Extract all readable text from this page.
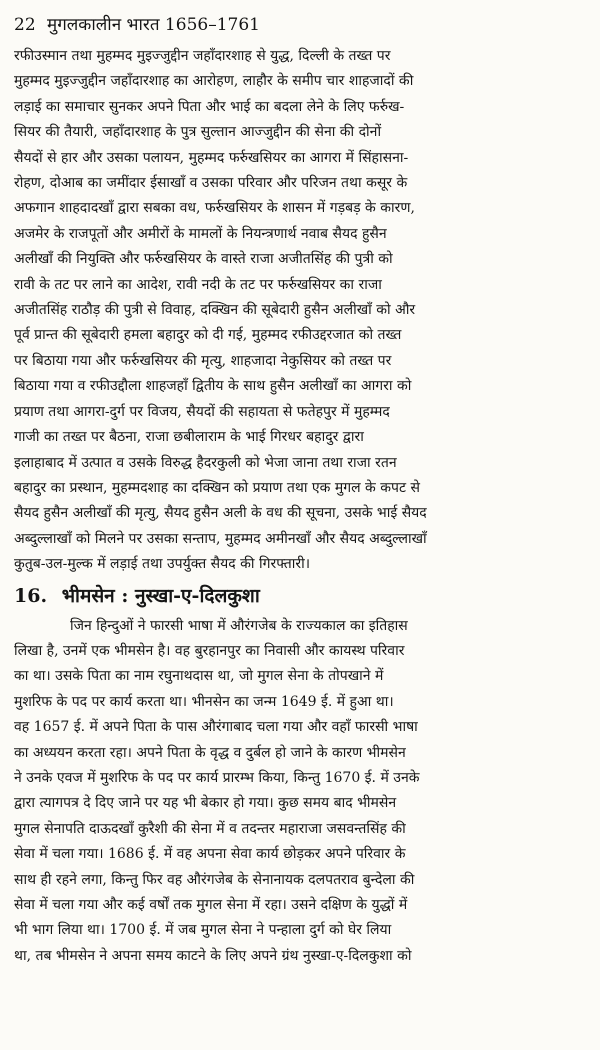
22 मुगलकालीन भारत 1656–1761
रफीउस्मान तथा मुहम्मद मुइज्जुद्दीन जहाँदारशाह से युद्ध, दिल्ली के तख्त पर
मुहम्मद मुइज्जुद्दीन जहाँदारशाह का आरोहण, लाहौर के समीप चार शाहजादों की
लड़ाई का समाचार सुनकर अपने पिता और भाई का बदला लेने के लिए फर्रुख-
सियर की तैयारी, जहाँदारशाह के पुत्र सुल्तान आज्जुद्दीन की सेना की दोनों
सैयदों से हार और उसका पलायन, मुहम्मद फर्रुखसियर का आगरा में सिंहासना-
रोहण, दोआब का जमींदार ईसाखाँ व उसका परिवार और परिजन तथा कसूर के
अफगान शाहदादखाँ द्वारा सबका वध, फर्रुखसियर के शासन में गड़बड़ के कारण,
अजमेर के राजपूतों और अमीरों के मामलों के नियन्त्रणार्थ नवाब सैयद हुसैन
अलीखाँ की नियुक्ति और फर्रुखसियर के वास्ते राजा अजीतसिंह की पुत्री को
रावी के तट पर लाने का आदेश, रावी नदी के तट पर फर्रुखसियर का राजा
अजीतसिंह राठौड़ की पुत्री से विवाह, दक्खिन की सूबेदारी हुसैन अलीखाँ को और
पूर्व प्रान्त की सूबेदारी हमला बहादुर को दी गई, मुहम्मद रफीउद्दरजात को तख्त
पर बिठाया गया और फर्रुखसियर की मृत्यु, शाहजादा नेकुसियर को तख्त पर
बिठाया गया व रफीउद्दौला शाहजहाँ द्वितीय के साथ हुसैन अलीखाँ का आगरा को
प्रयाण तथा आगरा-दुर्ग पर विजय, सैयदों की सहायता से फतेहपुर में मुहम्मद
गाजी का तख्त पर बैठना, राजा छबीलाराम के भाई गिरधर बहादुर द्वारा
इलाहाबाद में उत्पात व उसके विरुद्ध हैदरकुली को भेजा जाना तथा राजा रतन
बहादुर का प्रस्थान, मुहम्मदशाह का दक्खिन को प्रयाण तथा एक मुगल के कपट से
सैयद हुसैन अलीखाँ की मृत्यु, सैयद हुसैन अली के वध की सूचना, उसके भाई सैयद
अब्दुल्लाखाँ को मिलने पर उसका सन्ताप, मुहम्मद अमीनखाँ और सैयद अब्दुल्लाखाँ
कुतुब-उल-मुल्क में लड़ाई तथा उपर्युक्त सैयद की गिरफ्तारी।
16. भीमसेन : नुस्खा-ए-दिलकुशा
जिन हिन्दुओं ने फारसी भाषा में औरंगजेब के राज्यकाल का इतिहास
लिखा है, उनमें एक भीमसेन है। वह बुरहानपुर का निवासी और कायस्थ परिवार
का था। उसके पिता का नाम रघुनाथदास था, जो मुगल सेना के तोपखाने में
मुशरिफ के पद पर कार्य करता था। भीनसेन का जन्म 1649 ई. में हुआ था।
वह 1657 ई. में अपने पिता के पास औरंगाबाद चला गया और वहाँ फारसी भाषा
का अध्ययन करता रहा। अपने पिता के वृद्ध व दुर्बल हो जाने के कारण भीमसेन
ने उनके एवज में मुशरिफ के पद पर कार्य प्रारम्भ किया, किन्तु 1670 ई. में उनके
द्वारा त्यागपत्र दे दिए जाने पर यह भी बेकार हो गया। कुछ समय बाद भीमसेन
मुगल सेनापति दाऊदखाँ कुरैशी की सेना में व तदन्तर महाराजा जसवन्तसिंह की
सेवा में चला गया। 1686 ई. में वह अपना सेवा कार्य छोड़कर अपने परिवार के
साथ ही रहने लगा, किन्तु फिर वह औरंगजेब के सेनानायक दलपतराव बुन्देला की
सेवा में चला गया और कई वर्षों तक मुगल सेना में रहा। उसने दक्षिण के युद्धों में
भी भाग लिया था। 1700 ई. में जब मुगल सेना ने पन्हाला दुर्ग को घेर लिया
था, तब भीमसेन ने अपना समय काटने के लिए अपने ग्रंथ नुस्खा-ए-दिलकुशा को
